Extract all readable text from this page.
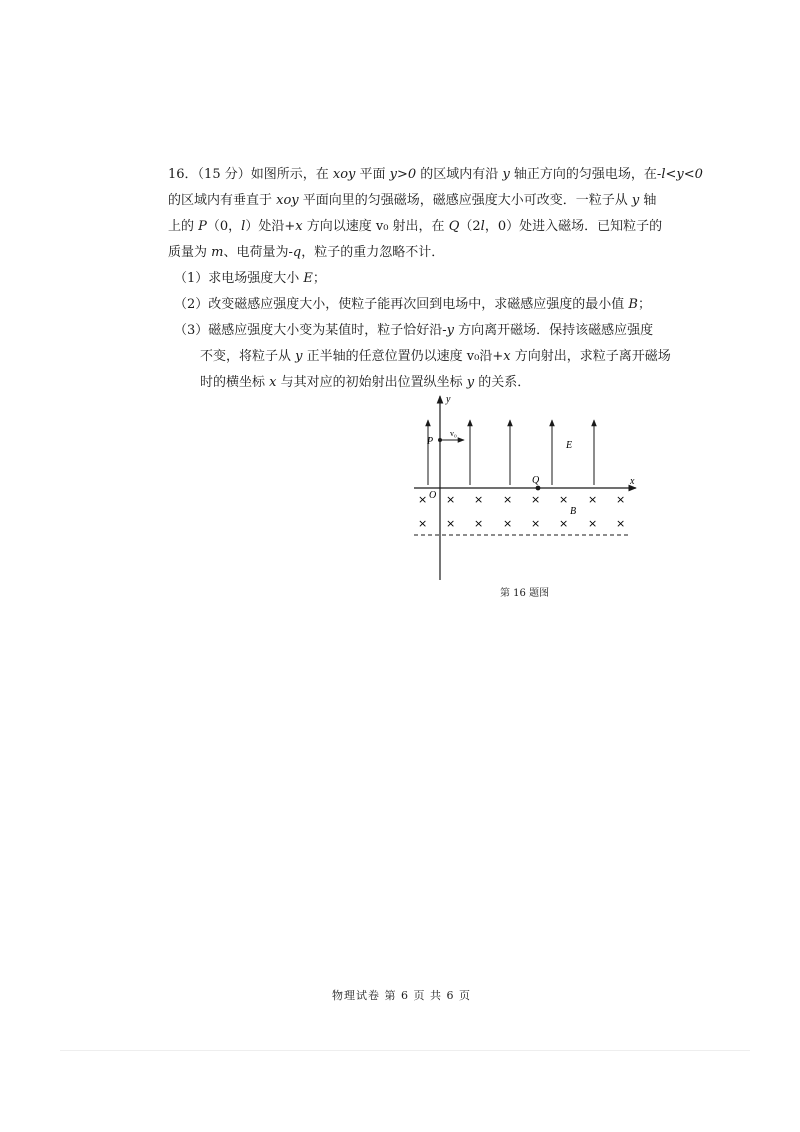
16．（15 分）如图所示，在 xoy 平面 y>0 的区域内有沿 y 轴正方向的匀强电场，在-l<y<0

的区域内有垂直于 xoy 平面向里的匀强磁场，磁感应强度大小可改变．一粒子从 y 轴

上的 P（0，l）处沿+x 方向以速度 v₀ 射出，在 Q（2l，0）处进入磁场．已知粒子的

质量为 m、电荷量为-q，粒子的重力忽略不计．

（1）求电场强度大小 E；

（2）改变磁感应强度大小，使粒子能再次回到电场中，求磁感应强度的最小值 B；

（3）磁感应强度大小变为某值时，粒子恰好沿-y 方向离开磁场．保持该磁感应强度

不变，将粒子从 y 正半轴的任意位置仍以速度 v₀沿+x 方向射出，求粒子离开磁场

时的横坐标 x 与其对应的初始射出位置纵坐标 y 的关系．

y
x
O
P
v₀
Q
E
B
× × × × × × × ×
× × × × × × × ×
第 16 题图
物理试卷 第 6 页 共 6 页
